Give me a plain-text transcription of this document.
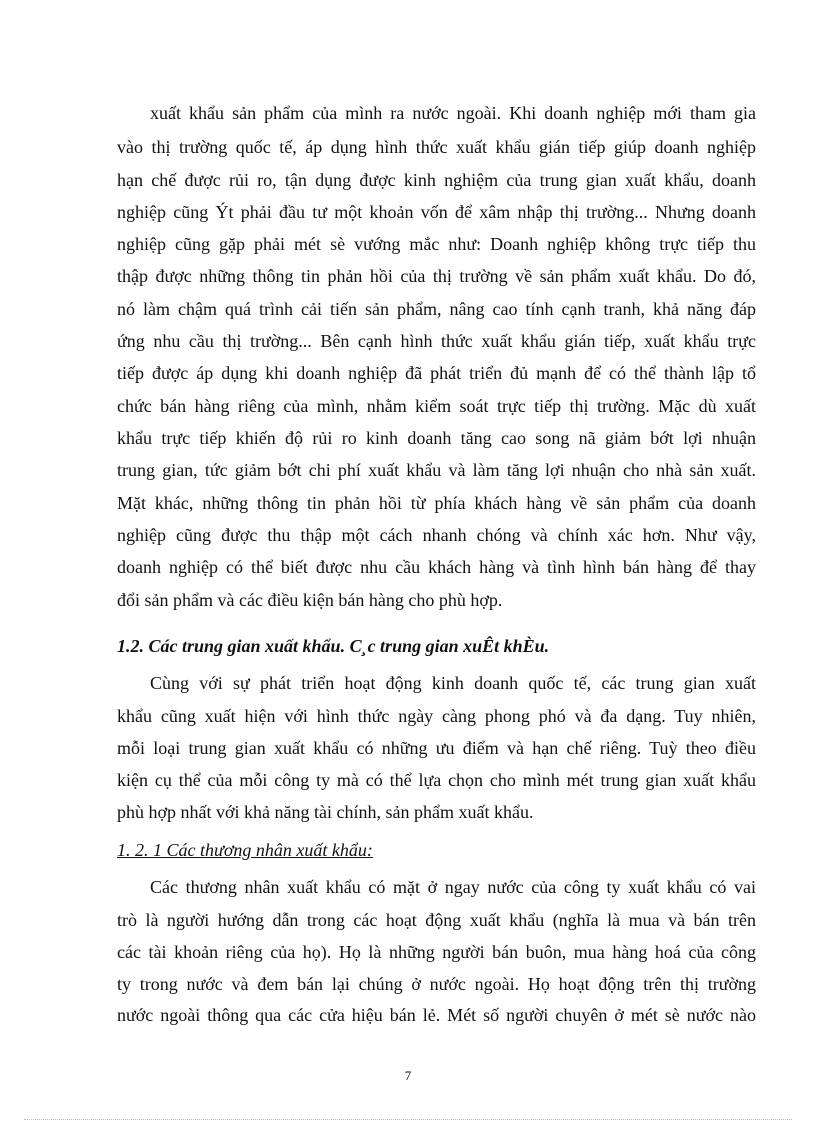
xuất khẩu sản phẩm của mình ra nước ngoài. Khi doanh nghiệp mới tham gia
vào thị trường quốc tế, áp dụng hình thức xuất khẩu gián tiếp giúp doanh nghiệp
hạn chế được rủi ro, tận dụng được kinh nghiệm của trung gian xuất khẩu, doanh
nghiệp cũng Ýt phải đầu tư một khoản vốn để xâm nhập thị trường... Nhưng doanh
nghiệp cũng gặp phải mét sè vướng mắc như: Doanh nghiệp không trực tiếp thu
thập được những thông tin phản hồi của thị trường về sản phẩm xuất khẩu. Do đó,
nó làm chậm quá trình cải tiến sản phẩm, nâng cao tính cạnh tranh, khả năng đáp
ứng nhu cầu thị trường... Bên cạnh hình thức xuất khẩu gián tiếp, xuất khẩu trực
tiếp được áp dụng khi doanh nghiệp đã phát triển đủ mạnh để có thể thành lập tổ
chức bán hàng riêng của mình, nhằm kiểm soát trực tiếp thị trường. Mặc dù xuất
khẩu trực tiếp khiến độ rủi ro kinh doanh tăng cao song nã giảm bớt lợi nhuận
trung gian, tức giảm bớt chi phí xuất khẩu và làm tăng lợi nhuận cho nhà sản xuất.
Mặt khác, những thông tin phản hồi từ phía khách hàng về sản phẩm của doanh
nghiệp cũng được thu thập một cách nhanh chóng và chính xác hơn. Như vậy,
doanh nghiệp có thể biết được nhu cầu khách hàng và tình hình bán hàng để thay
đổi sản phẩm và các điều kiện bán hàng cho phù hợp.
1.2. Các trung gian xuất khẩu. C¸c trung gian xuÊt khÈu.
Cùng với sự phát triển hoạt động kinh doanh quốc tế, các trung gian xuất
khẩu cũng xuất hiện với hình thức ngày càng phong phó và đa dạng. Tuy nhiên,
mỗi loại trung gian xuất khẩu có những ưu điểm và hạn chế riêng. Tuỳ theo điều
kiện cụ thể của mỗi công ty mà có thể lựa chọn cho mình mét trung gian xuất khẩu
phù hợp nhất với khả năng tài chính, sản phẩm xuất khẩu.
1. 2. 1 Các thương nhân xuất khẩu:
Các thương nhân xuất khẩu có mặt ở ngay nước của công ty xuất khẩu có vai
trò là người hướng dẫn trong các hoạt động xuất khẩu (nghĩa là mua và bán trên
các tài khoản riêng của họ). Họ là những người bán buôn, mua hàng hoá của công
ty trong nước và đem bán lại chúng ở nước ngoài. Họ hoạt động trên thị trường
nước ngoài thông qua các cửa hiệu bán lẻ. Mét số người chuyên ở mét sè nước nào
7
